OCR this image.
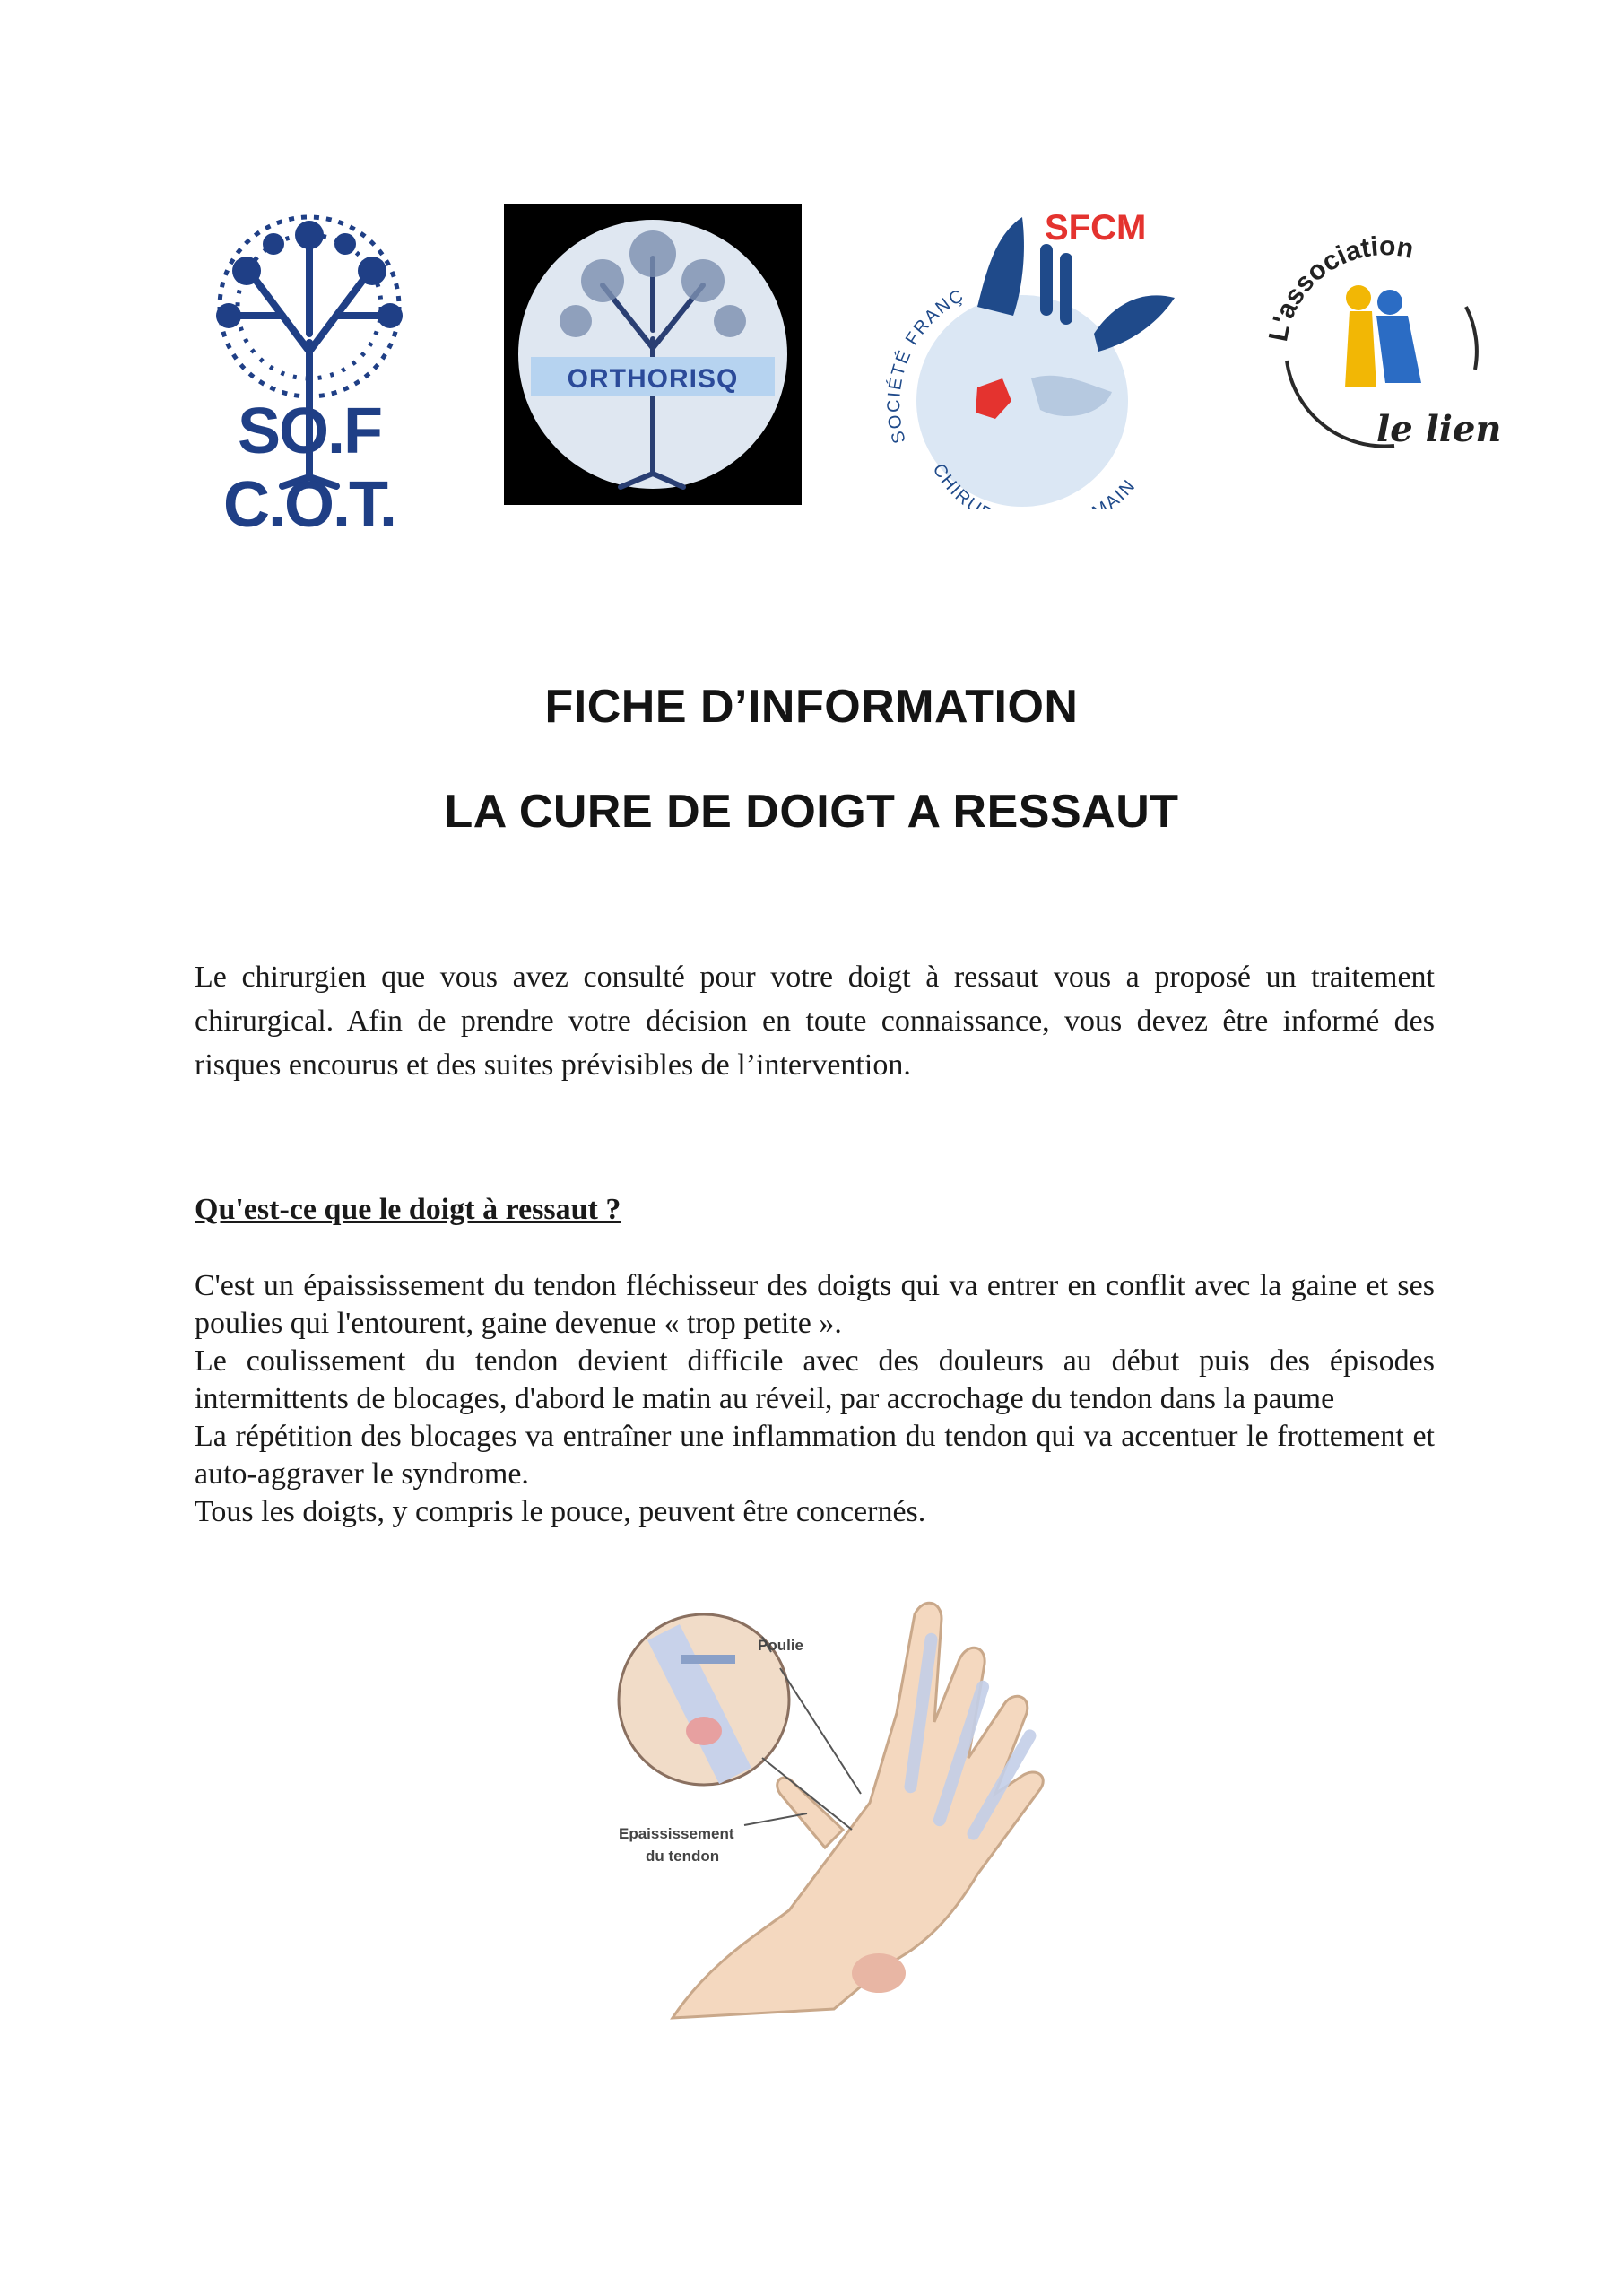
SO.F C.O.T.
ORTHORISQ
SFCM
SOCIÉTÉ FRANÇ
CHIRU AIN
L'association
le lien
FICHE D’INFORMATION
LA CURE DE DOIGT A RESSAUT
Le chirurgien que vous avez consulté pour votre doigt à ressaut vous a proposé un traitement chirurgical. Afin de prendre votre décision en toute connaissance, vous devez être informé des risques encourus et des suites prévisibles de l’intervention.
Qu'est-ce que le doigt à ressaut ?
C'est un épaississement du tendon fléchisseur des doigts qui va entrer en conflit avec la gaine et ses poulies qui l'entourent, gaine devenue « trop petite ».
Le coulissement du tendon devient difficile avec des douleurs au début puis des épisodes intermittents de blocages, d'abord le matin au réveil, par accrochage du tendon dans la paume
La répétition des blocages va entraîner une inflammation du tendon qui va accentuer le frottement et auto-aggraver le syndrome.
Tous les doigts, y compris le pouce, peuvent être concernés.
Poulie
Epaississement
du tendon
